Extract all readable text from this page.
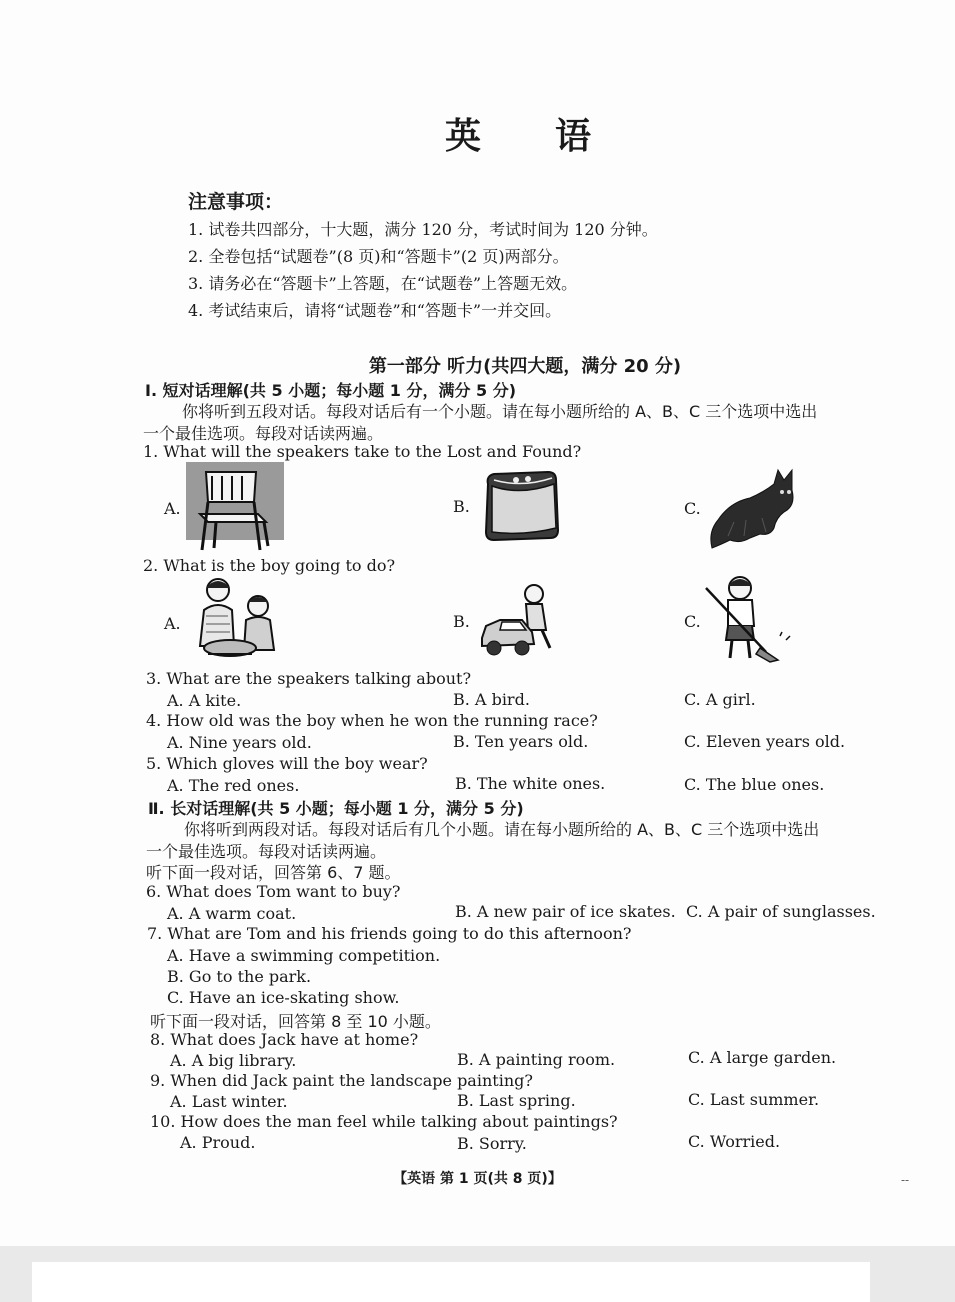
英 语
注意事项：
1. 试卷共四部分，十大题，满分 120 分，考试时间为 120 分钟。
2. 全卷包括“试题卷”(8 页)和“答题卡”(2 页)两部分。
3. 请务必在“答题卡”上答题，在“试题卷”上答题无效。
4. 考试结束后，请将“试题卷”和“答题卡”一并交回。
第一部分 听力(共四大题，满分 20 分)
Ⅰ. 短对话理解(共 5 小题；每小题 1 分，满分 5 分)
你将听到五段对话。每段对话后有一个小题。请在每小题所给的 A、B、C 三个选项中选出
一个最佳选项。每段对话读两遍。
1. What will the speakers take to the Lost and Found?
A.	B.	C.
2. What is the boy going to do?
A.	B.	C.
3. What are the speakers talking about?
A. A kite.	B. A bird.	C. A girl.
4. How old was the boy when he won the running race?
A. Nine years old.	B. Ten years old.	C. Eleven years old.
5. Which gloves will the boy wear?
A. The red ones.	B. The white ones.	C. The blue ones.
Ⅱ. 长对话理解(共 5 小题；每小题 1 分，满分 5 分)
你将听到两段对话。每段对话后有几个小题。请在每小题所给的 A、B、C 三个选项中选出
一个最佳选项。每段对话读两遍。
听下面一段对话，回答第 6、7 题。
6. What does Tom want to buy?
A. A warm coat.	B. A new pair of ice skates. C. A pair of sunglasses.
7. What are Tom and his friends going to do this afternoon?
A. Have a swimming competition.
B. Go to the park.
C. Have an ice-skating show.
听下面一段对话，回答第 8 至 10 小题。
8. What does Jack have at home?
A. A big library.	B. A painting room.	C. A large garden.
9. When did Jack paint the landscape painting?
A. Last winter.	B. Last spring.	C. Last summer.
10. How does the man feel while talking about paintings?
A. Proud.	B. Sorry.	C. Worried.
【英语 第 1 页(共 8 页)】	--
